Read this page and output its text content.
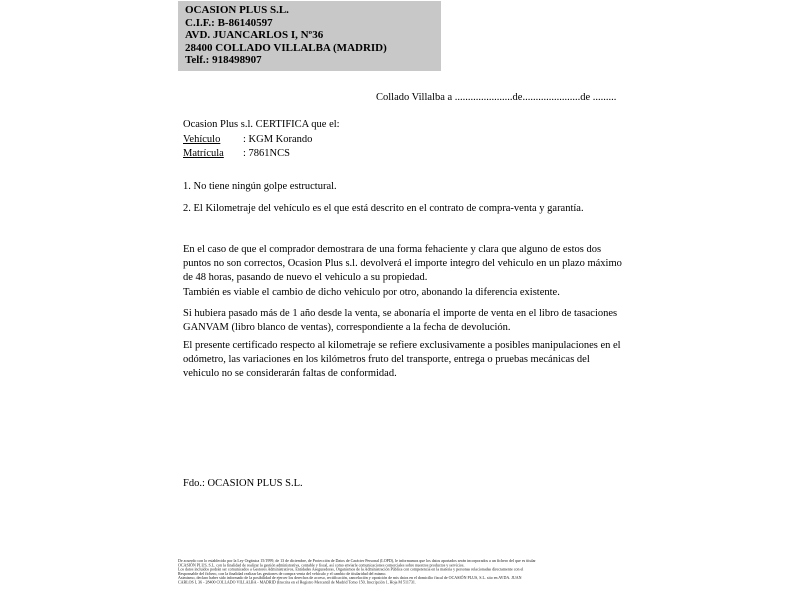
OCASION PLUS S.L.
C.I.F.: B-86140597
AVD. JUANCARLOS I, Nº36
28400 COLLADO VILLALBA (MADRID)
Telf.: 918498907
Collado Villalba a ......................de......................de .........
Ocasion Plus s.l. CERTIFICA que el:
Vehículo : KGM Korando
Matrícula : 7861NCS
1. No tiene ningún golpe estructural.
2. El Kilometraje del vehículo es el que está descrito en el contrato de compra-venta y garantía.
En el caso de que el comprador demostrara de una forma fehaciente y clara que alguno de estos dos puntos no son correctos, Ocasion Plus s.l. devolverá el importe integro del vehiculo en un plazo máximo de 48 horas, pasando de nuevo el vehiculo a su propiedad.
También es viable el cambio de dicho vehiculo por otro, abonando la diferencia existente.
Si hubiera pasado más de 1 año desde la venta, se abonaría el importe de venta en el libro de tasaciones GANVAM (libro blanco de ventas), correspondiente a la fecha de devolución.
El presente certificado respecto al kilometraje se refiere exclusivamente a posibles manipulaciones en el odómetro, las variaciones en los kilómetros fruto del transporte, entrega o pruebas mecánicas del vehiculo no se considerarán faltas de conformidad.
Fdo.: OCASION PLUS S.L.
De acuerdo con lo establecido por la Ley Orgánica 15/1999, de 13 de diciembre, de Protección de Datos de Carácter Personal (LOPD), le informamos que los datos aportados serán incorporados a un fichero del que es titular
OCASIÓN PLUS, S.L. con la finalidad de realizar la gestión administrativa, contable y fiscal, así como enviarle comunicaciones comerciales sobre nuestros productos y servicios.
Los datos incluidos podrán ser comunicados a Gestores Administrativos, Entidades Aseguradoras, Organismos de la Administración Pública con competencia en la materia y personas relacionadas directamente con el
Responsable del fichero, con la finalidad realizar las gestiones de compra venta del vehículo y el cambio de titularidad del mismo.
Asimismo, declaro haber sido informado de la posibilidad de ejercer los derechos de acceso, rectificación, cancelación y oposición de mis datos en el domicilio fiscal de OCASIÓN PLUS, S.L. sito en AVDA. JUAN
CARLOS I, 36 - 28400 COLLADO VILLALBA - MADRID (Inscrita en el Registro Mercantil de Madrid Tomo 150, Inscripción 1, Hoja M 511731.
